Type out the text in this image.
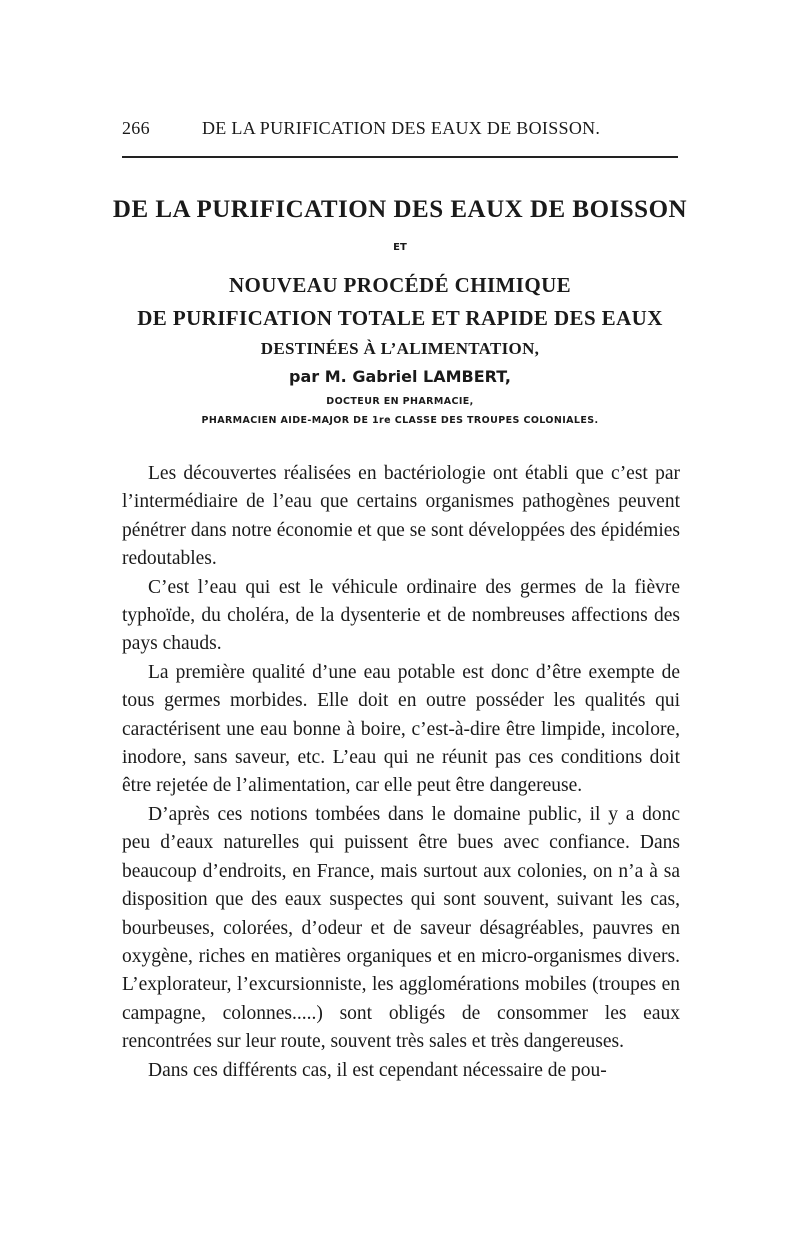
266	DE LA PURIFICATION DES EAUX DE BOISSON.
DE LA PURIFICATION DES EAUX DE BOISSON
ET
NOUVEAU PROCÉDÉ CHIMIQUE
DE PURIFICATION TOTALE ET RAPIDE DES EAUX
DESTINÉES À L’ALIMENTATION,
par M. Gabriel LAMBERT,
DOCTEUR EN PHARMACIE,
PHARMACIEN AIDE-MAJOR DE 1re CLASSE DES TROUPES COLONIALES.

Les découvertes réalisées en bactériologie ont établi que c’est par l’intermédiaire de l’eau que certains organismes pathogènes peuvent pénétrer dans notre économie et que se sont développées des épidémies redoutables.

C’est l’eau qui est le véhicule ordinaire des germes de la fièvre typhoïde, du choléra, de la dysenterie et de nombreuses affections des pays chauds.

La première qualité d’une eau potable est donc d’être exempte de tous germes morbides. Elle doit en outre posséder les qualités qui caractérisent une eau bonne à boire, c’est-à-dire être limpide, incolore, inodore, sans saveur, etc. L’eau qui ne réunit pas ces conditions doit être rejetée de l’alimentation, car elle peut être dangereuse.

D’après ces notions tombées dans le domaine public, il y a donc peu d’eaux naturelles qui puissent être bues avec confiance. Dans beaucoup d’endroits, en France, mais surtout aux colonies, on n’a à sa disposition que des eaux suspectes qui sont souvent, suivant les cas, bourbeuses, colorées, d’odeur et de saveur désagréables, pauvres en oxygène, riches en matières organiques et en micro-organismes divers. L’explorateur, l’excursionniste, les agglomérations mobiles (troupes en campagne, colonnes.....) sont obligés de consommer les eaux rencontrées sur leur route, souvent très sales et très dangereuses.

Dans ces différents cas, il est cependant nécessaire de pou-
